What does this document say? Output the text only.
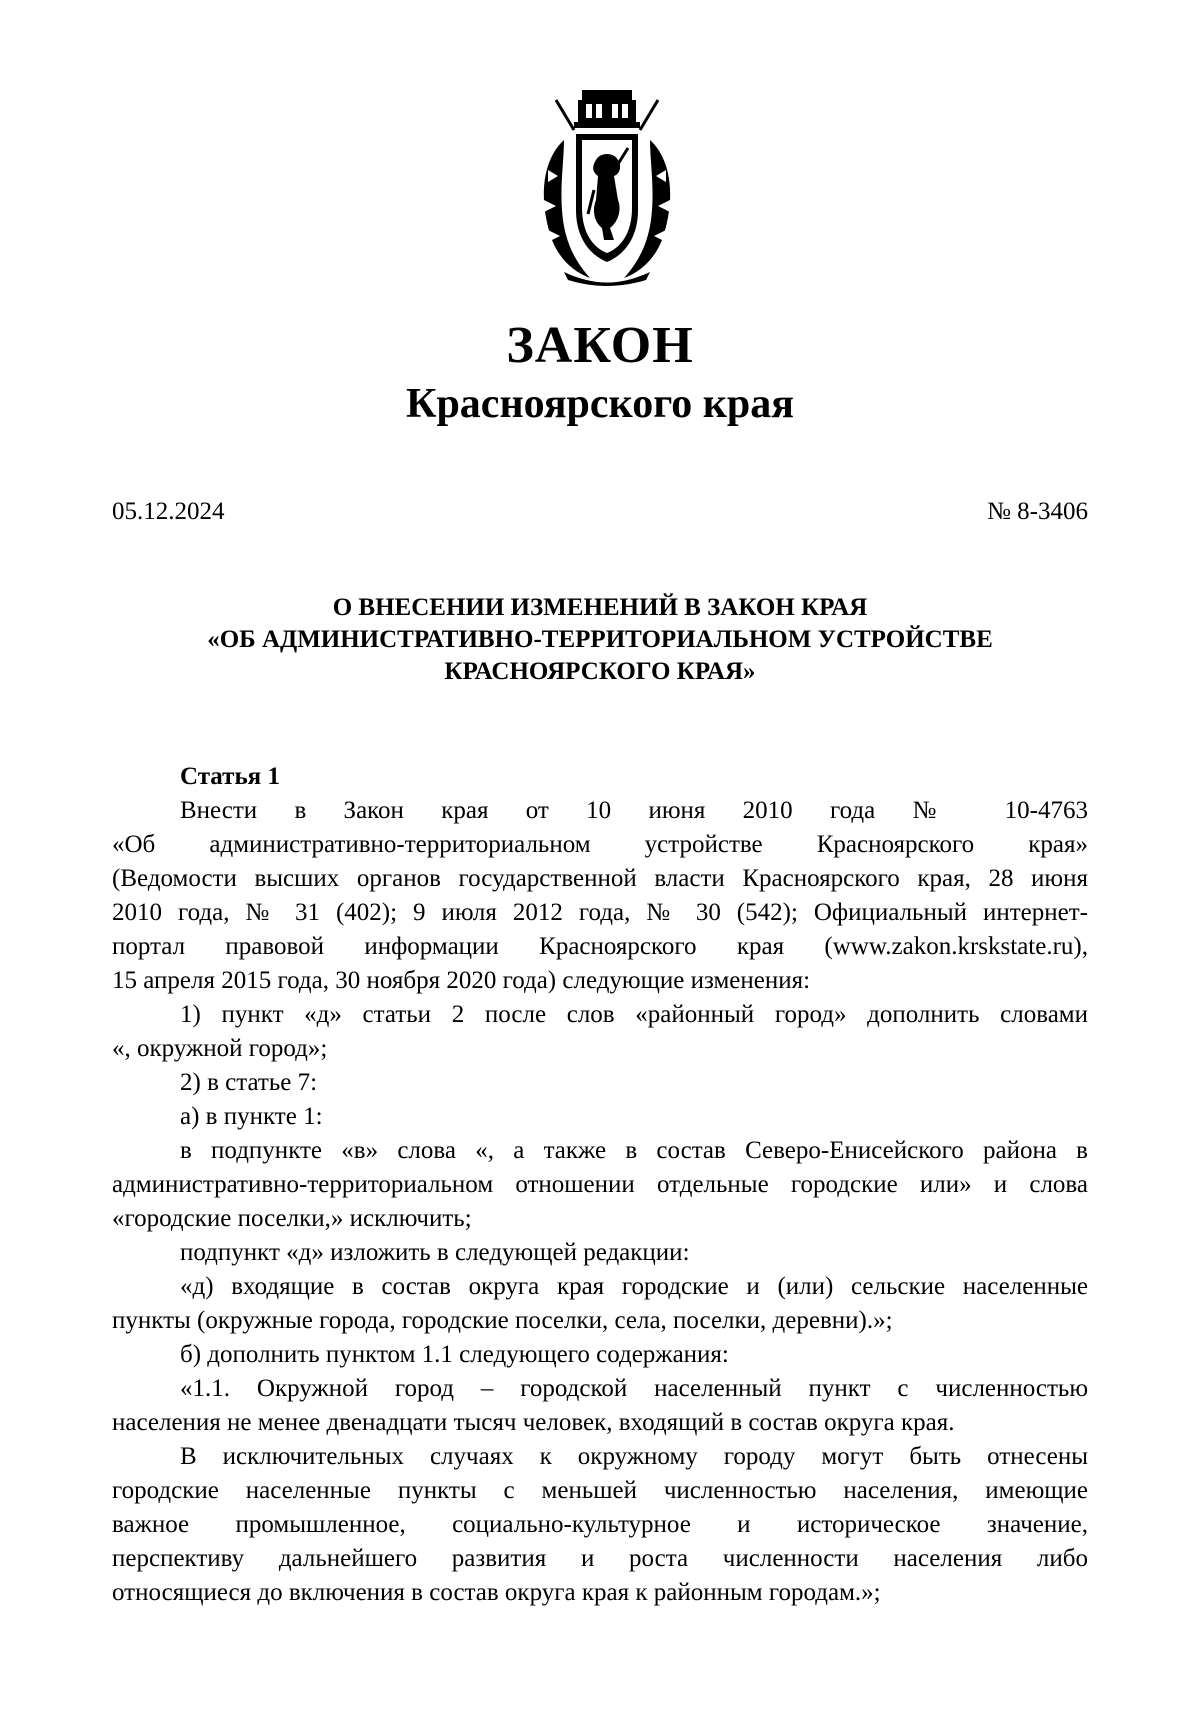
ЗАКОН
Красноярского края
05.12.2024	№ 8-3406
О ВНЕСЕНИИ ИЗМЕНЕНИЙ В ЗАКОН КРАЯ
«ОБ АДМИНИСТРАТИВНО-ТЕРРИТОРИАЛЬНОМ УСТРОЙСТВЕ
КРАСНОЯРСКОГО КРАЯ»
Статья 1
Внести в Закон края от 10 июня 2010 года № 10-4763
«Об административно-территориальном устройстве Красноярского края»
(Ведомости высших органов государственной власти Красноярского края, 28 июня
2010 года, № 31 (402); 9 июля 2012 года, № 30 (542); Официальный интернет-
портал правовой информации Красноярского края (www.zakon.krskstate.ru),
15 апреля 2015 года, 30 ноября 2020 года) следующие изменения:
1) пункт «д» статьи 2 после слов «районный город» дополнить словами
«, окружной город»;
2) в статье 7:
а) в пункте 1:
в подпункте «в» слова «, а также в состав Северо-Енисейского района в
административно-территориальном отношении отдельные городские или» и слова
«городские поселки,» исключить;
подпункт «д» изложить в следующей редакции:
«д) входящие в состав округа края городские и (или) сельские населенные
пункты (окружные города, городские поселки, села, поселки, деревни).»;
б) дополнить пунктом 1.1 следующего содержания:
«1.1. Окружной город – городской населенный пункт с численностью
населения не менее двенадцати тысяч человек, входящий в состав округа края.
В исключительных случаях к окружному городу могут быть отнесены
городские населенные пункты с меньшей численностью населения, имеющие
важное промышленное, социально-культурное и историческое значение,
перспективу дальнейшего развития и роста численности населения либо
относящиеся до включения в состав округа края к районным городам.»;
